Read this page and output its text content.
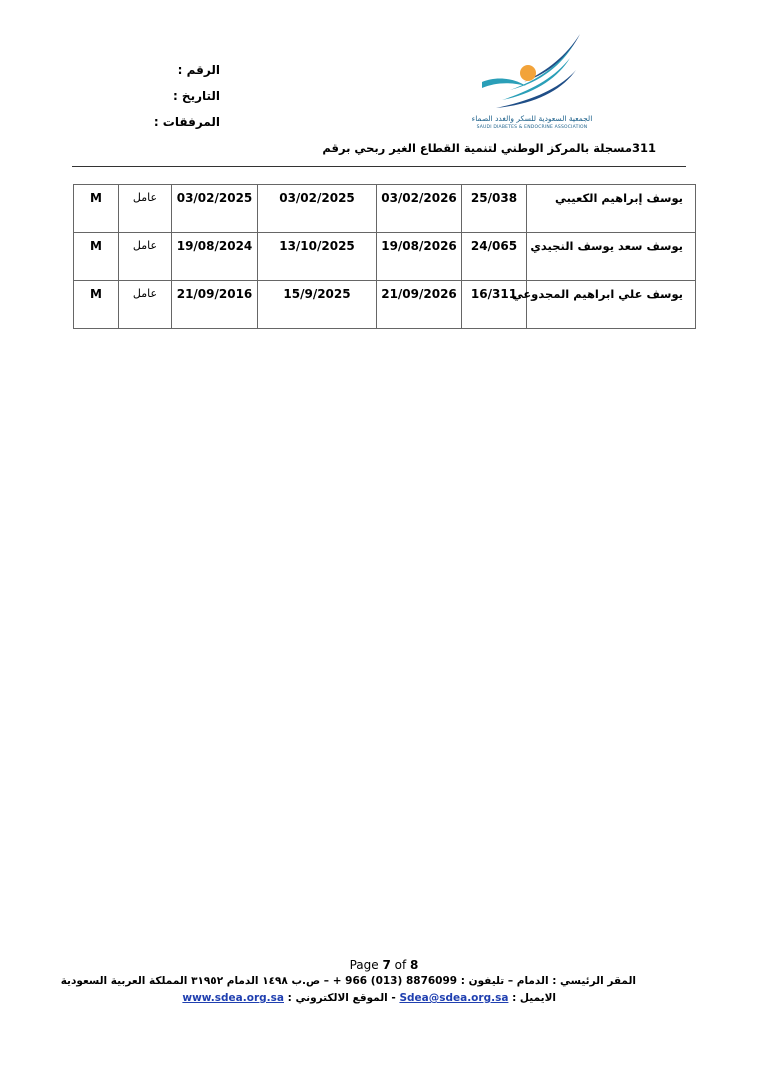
الجمعية السعودية للسكر والغدد الصماء
SAUDI DIABETES & ENDOCRINE ASSOCIATION
الرقم :
التاريخ :
المرفقات :
311مسجلة بالمركز الوطني لتنمية القطاع الغير ربحي برقم
M	عامل	03/02/2025	03/02/2025	03/02/2026	25/038	يوسف إبراهيم الكعيبي
M	عامل	19/08/2024	13/10/2025	19/08/2026	24/065	يوسف سعد يوسف النجيدي
M	عامل	21/09/2016	15/9/2025	21/09/2026	16/311	يوسف علي ابراهيم المجدوعي
Page 7 of 8
المقر الرئيسي : الدمام – تليفون : 8876099 (013) 966 + – ص.ب ١٤٩٨ الدمام ٣١٩٥٢ المملكة العربية السعودية
الايميل : Sdea@sdea.org.sa - الموقع الالكتروني : www.sdea.org.sa
